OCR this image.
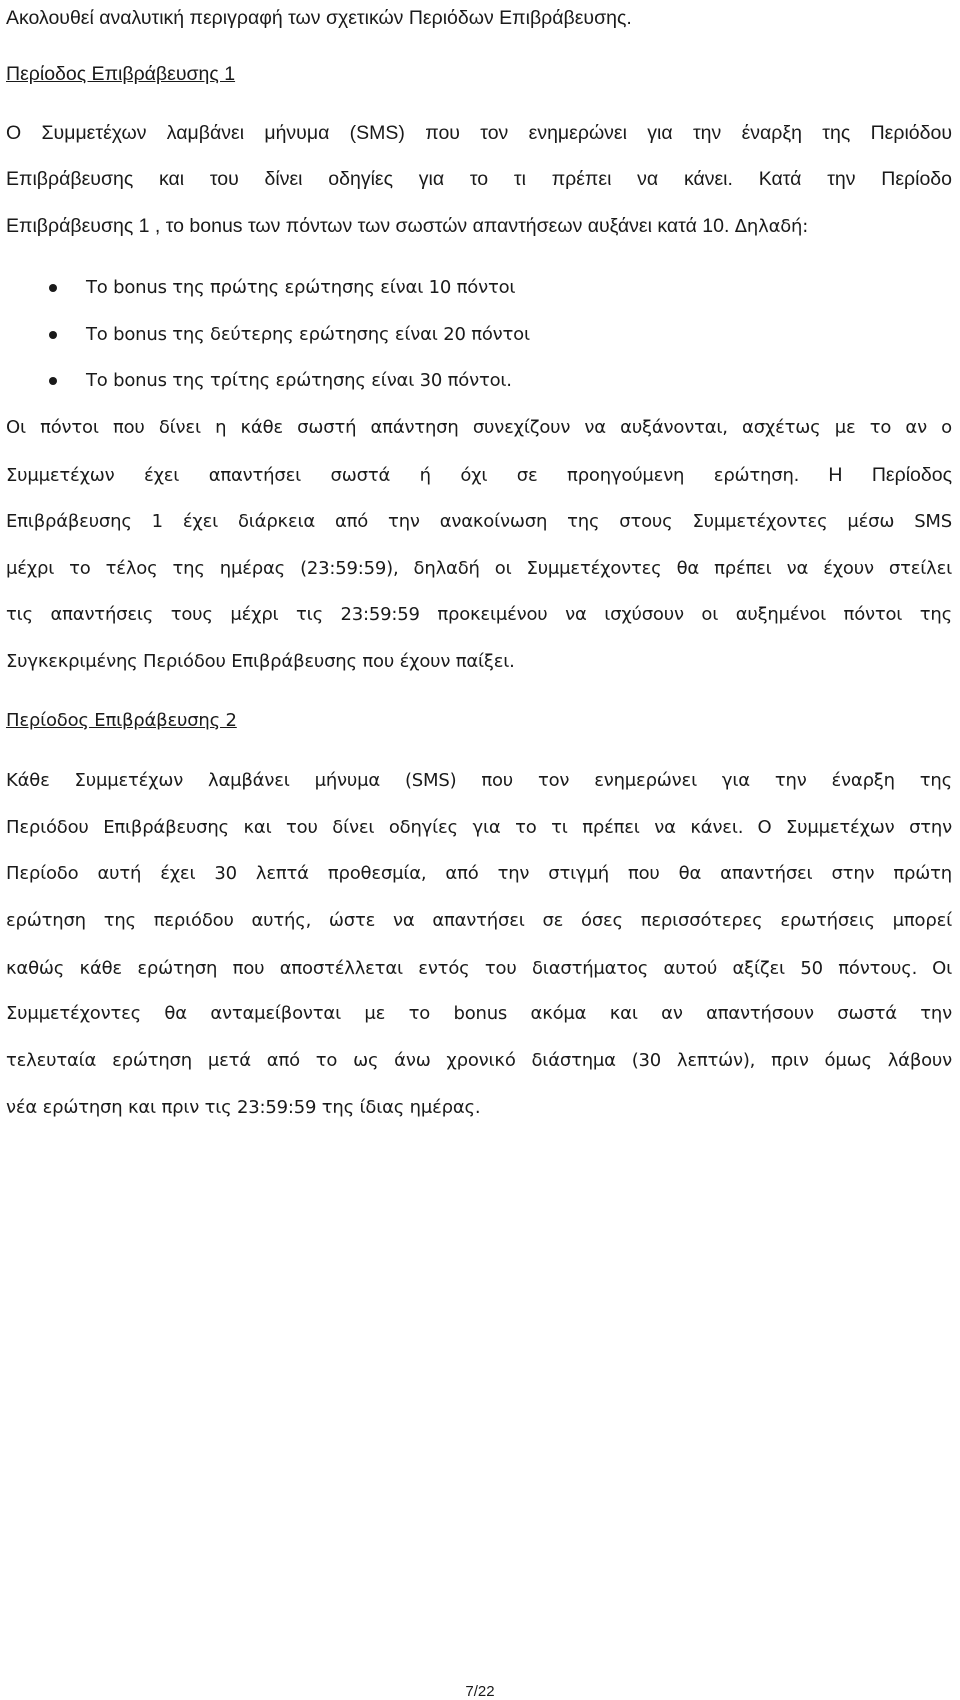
Ακολουθεί αναλυτική περιγραφή των σχετικών Περιόδων Επιβράβευσης.
Περίοδος Επιβράβευσης 1
Ο Συμμετέχων λαμβάνει μήνυμα (SMS) που τον ενημερώνει για την έναρξη της Περιόδου
Επιβράβευσης και του δίνει οδηγίες για το τι πρέπει να κάνει. Κατά την Περίοδο
Επιβράβευσης 1 , το bonus των πόντων των σωστών απαντήσεων αυξάνει κατά 10. Δηλαδή:
Το bonus της πρώτης ερώτησης είναι 10 πόντοι
Το bonus της δεύτερης ερώτησης είναι 20 πόντοι
Το bonus της τρίτης ερώτησης είναι 30 πόντοι.
Οι πόντοι που δίνει η κάθε σωστή απάντηση συνεχίζουν να αυξάνονται, ασχέτως με το αν ο
Συμμετέχων έχει απαντήσει σωστά ή όχι σε προηγούμενη ερώτηση. Η Περίοδος
Επιβράβευσης 1 έχει διάρκεια από την ανακοίνωση της στους Συμμετέχοντες μέσω SMS
μέχρι το τέλος της ημέρας (23:59:59), δηλαδή οι Συμμετέχοντες θα πρέπει να έχουν στείλει
τις απαντήσεις τους μέχρι τις 23:59:59 προκειμένου να ισχύσουν οι αυξημένοι πόντοι της
Συγκεκριμένης Περιόδου Επιβράβευσης που έχουν παίξει.
Περίοδος Επιβράβευσης 2
Κάθε Συμμετέχων λαμβάνει μήνυμα (SMS) που τον ενημερώνει για την έναρξη της
Περιόδου Επιβράβευσης και του δίνει οδηγίες για το τι πρέπει να κάνει. Ο Συμμετέχων στην
Περίοδο αυτή έχει 30 λεπτά προθεσμία, από την στιγμή που θα απαντήσει στην πρώτη
ερώτηση της περιόδου αυτής, ώστε να απαντήσει σε όσες περισσότερες ερωτήσεις μπορεί
καθώς κάθε ερώτηση που αποστέλλεται εντός του διαστήματος αυτού αξίζει 50 πόντους. Οι
Συμμετέχοντες θα ανταμείβονται με το bonus ακόμα και αν απαντήσουν σωστά την
τελευταία ερώτηση μετά από το ως άνω χρονικό διάστημα (30 λεπτών), πριν όμως λάβουν
νέα ερώτηση και πριν τις 23:59:59 της ίδιας ημέρας.
7/22
